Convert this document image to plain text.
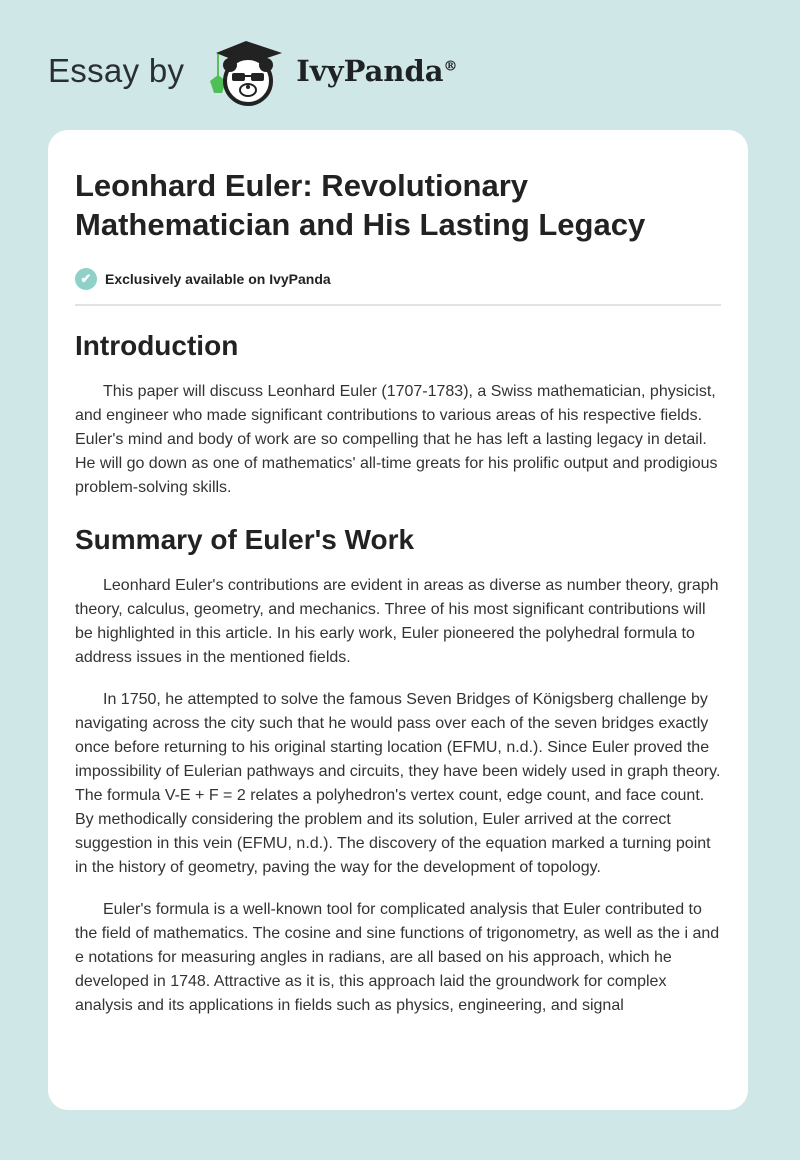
Essay by	IvyPanda®
Leonhard Euler: Revolutionary Mathematician and His Lasting Legacy
✔ Exclusively available on IvyPanda
Introduction

This paper will discuss Leonhard Euler (1707-1783), a Swiss mathematician, physicist, and engineer who made significant contributions to various areas of his respective fields. Euler's mind and body of work are so compelling that he has left a lasting legacy in detail. He will go down as one of mathematics' all-time greats for his prolific output and prodigious problem-solving skills.

Summary of Euler's Work

Leonhard Euler's contributions are evident in areas as diverse as number theory, graph theory, calculus, geometry, and mechanics. Three of his most significant contributions will be highlighted in this article. In his early work, Euler pioneered the polyhedral formula to address issues in the mentioned fields.

In 1750, he attempted to solve the famous Seven Bridges of Königsberg challenge by navigating across the city such that he would pass over each of the seven bridges exactly once before returning to his original starting location (EFMU, n.d.). Since Euler proved the impossibility of Eulerian pathways and circuits, they have been widely used in graph theory. The formula V-E + F = 2 relates a polyhedron's vertex count, edge count, and face count. By methodically considering the problem and its solution, Euler arrived at the correct suggestion in this vein (EFMU, n.d.). The discovery of the equation marked a turning point in the history of geometry, paving the way for the development of topology.

Euler's formula is a well-known tool for complicated analysis that Euler contributed to the field of mathematics. The cosine and sine functions of trigonometry, as well as the i and e notations for measuring angles in radians, are all based on his approach, which he developed in 1748. Attractive as it is, this approach laid the groundwork for complex analysis and its applications in fields such as physics, engineering, and signal
